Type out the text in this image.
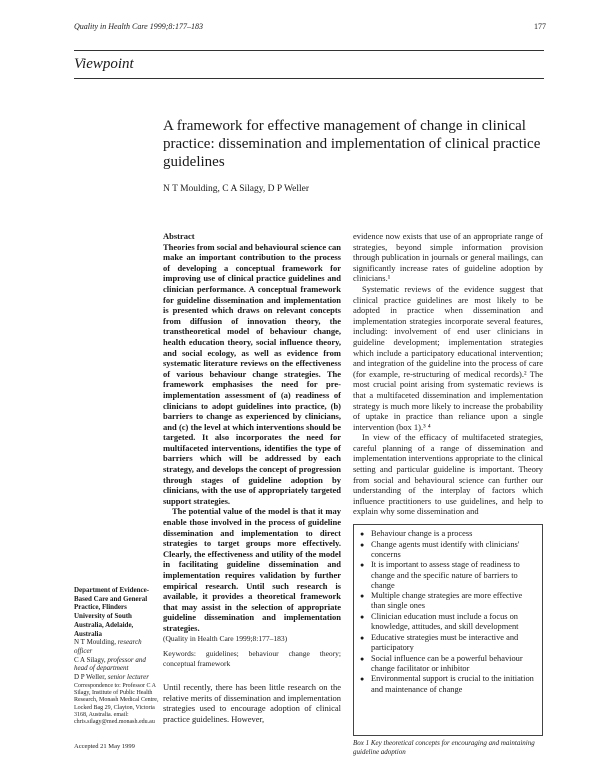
Quality in Health Care 1999;8:177–183	177
Viewpoint
A framework for effective management of change in clinical practice: dissemination and implementation of clinical practice guidelines
N T Moulding, C A Silagy, D P Weller

Abstract

Theories from social and behavioural science can make an important contribution to the process of developing a conceptual framework for improving use of clinical practice guidelines and clinician performance. A conceptual framework for guideline dissemination and implementation is presented which draws on relevant concepts from diffusion of innovation theory, the transtheoretical model of behaviour change, health education theory, social influence theory, and social ecology, as well as evidence from systematic literature reviews on the effectiveness of various behaviour change strategies. The framework emphasises the need for pre-implementation assessment of (a) readiness of clinicians to adopt guidelines into practice, (b) barriers to change as experienced by clinicians, and (c) the level at which interventions should be targeted. It also incorporates the need for multifaceted interventions, identifies the type of barriers which will be addressed by each strategy, and develops the concept of progression through stages of guideline adoption by clinicians, with the use of appropriately targeted support strategies.

The potential value of the model is that it may enable those involved in the process of guideline dissemination and implementation to direct strategies to target groups more effectively. Clearly, the effectiveness and utility of the model in facilitating guideline dissemination and implementation requires validation by further empirical research. Until such research is available, it provides a theoretical framework that may assist in the selection of appropriate guideline dissemination and implementation strategies.

(Quality in Health Care 1999;8:177–183)

Keywords: guidelines; behaviour change theory; conceptual framework

Until recently, there has been little research on the relative merits of dissemination and implementation strategies used to encourage adoption of clinical practice guidelines. However,

evidence now exists that use of an appropriate range of strategies, beyond simple information provision through publication in journals or general mailings, can significantly increase rates of guideline adoption by clinicians.¹

Systematic reviews of the evidence suggest that clinical practice guidelines are most likely to be adopted in practice when dissemination and implementation strategies incorporate several features, including: involvement of end user clinicians in guideline development; implementation strategies which include a participatory educational intervention; and integration of the guideline into the process of care (for example, re-structuring of medical records).² The most crucial point arising from systematic reviews is that a multifaceted dissemination and implementation strategy is much more likely to increase the probability of uptake in practice than reliance upon a single intervention (box 1).³ ⁴

In view of the efficacy of multifaceted strategies, careful planning of a range of dissemination and implementation interventions appropriate to the clinical setting and particular guideline is important. Theory from social and behavioural science can further our understanding of the interplay of factors which influence practitioners to use guidelines, and help to explain why some dissemination and

● Behaviour change is a process
● Change agents must identify with clinicians' concerns
● It is important to assess stage of readiness to change and the specific nature of barriers to change
● Multiple change strategies are more effective than single ones
● Clinician education must include a focus on knowledge, attitudes, and skill development
● Educative strategies must be interactive and participatory
● Social influence can be a powerful behaviour change facilitator or inhibitor
● Environmental support is crucial to the initiation and maintenance of change
Box 1 Key theoretical concepts for encouraging and maintaining guideline adoption

Department of Evidence-Based Care and General Practice, Flinders University of South Australia, Adelaide, Australia

N T Moulding, research officer

C A Silagy, professor and head of department

D P Weller, senior lecturer

Correspondence to: Professor C A Silagy, Institute of Public Health Research, Monash Medical Centre, Locked Bag 29, Clayton, Victoria 3168, Australia. email: chris.silagy@med.monash.edu.au
Accepted 21 May 1999
